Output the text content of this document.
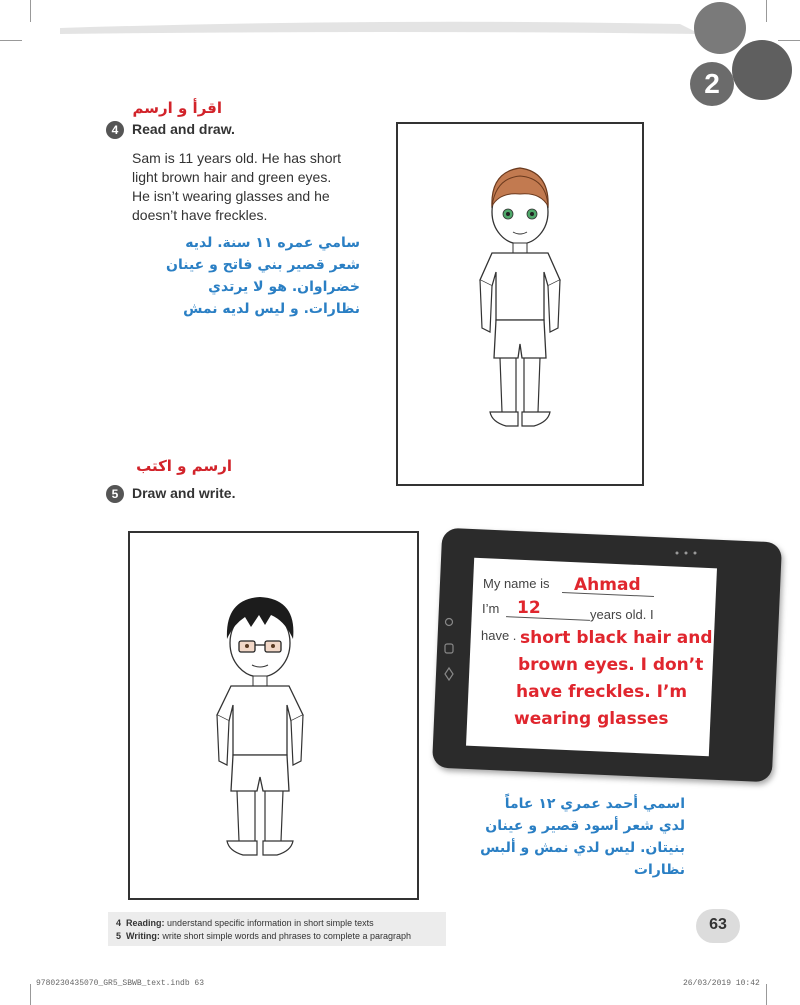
2
اقرأ و ارسم
4 Read and draw.
Sam is 11 years old. He has short
light brown hair and green eyes.
He isn’t wearing glasses and he
doesn’t have freckles.
سامي عمره ١١ سنة. لديه
شعر قصير بني فاتح و عينان
خضراوان. هو لا يرتدي
نظارات. و ليس لديه نمش
ارسم و اكتب
5 Draw and write.
My name is Ahmad
I’m 12	years old. I
have . short black hair and
brown eyes. I don’t
have freckles. I’m
wearing glasses
اسمي أحمد عمري ١٢ عاماً
لدي شعر أسود قصير و عينان
بنيتان. ليس لدي نمش و ألبس
نظارات
4 Reading: understand specific information in short simple texts
5 Writing: write short simple words and phrases to complete a paragraph
63
9780230435070_GR5_SBWB_text.indb 63	26/03/2019 10:42
